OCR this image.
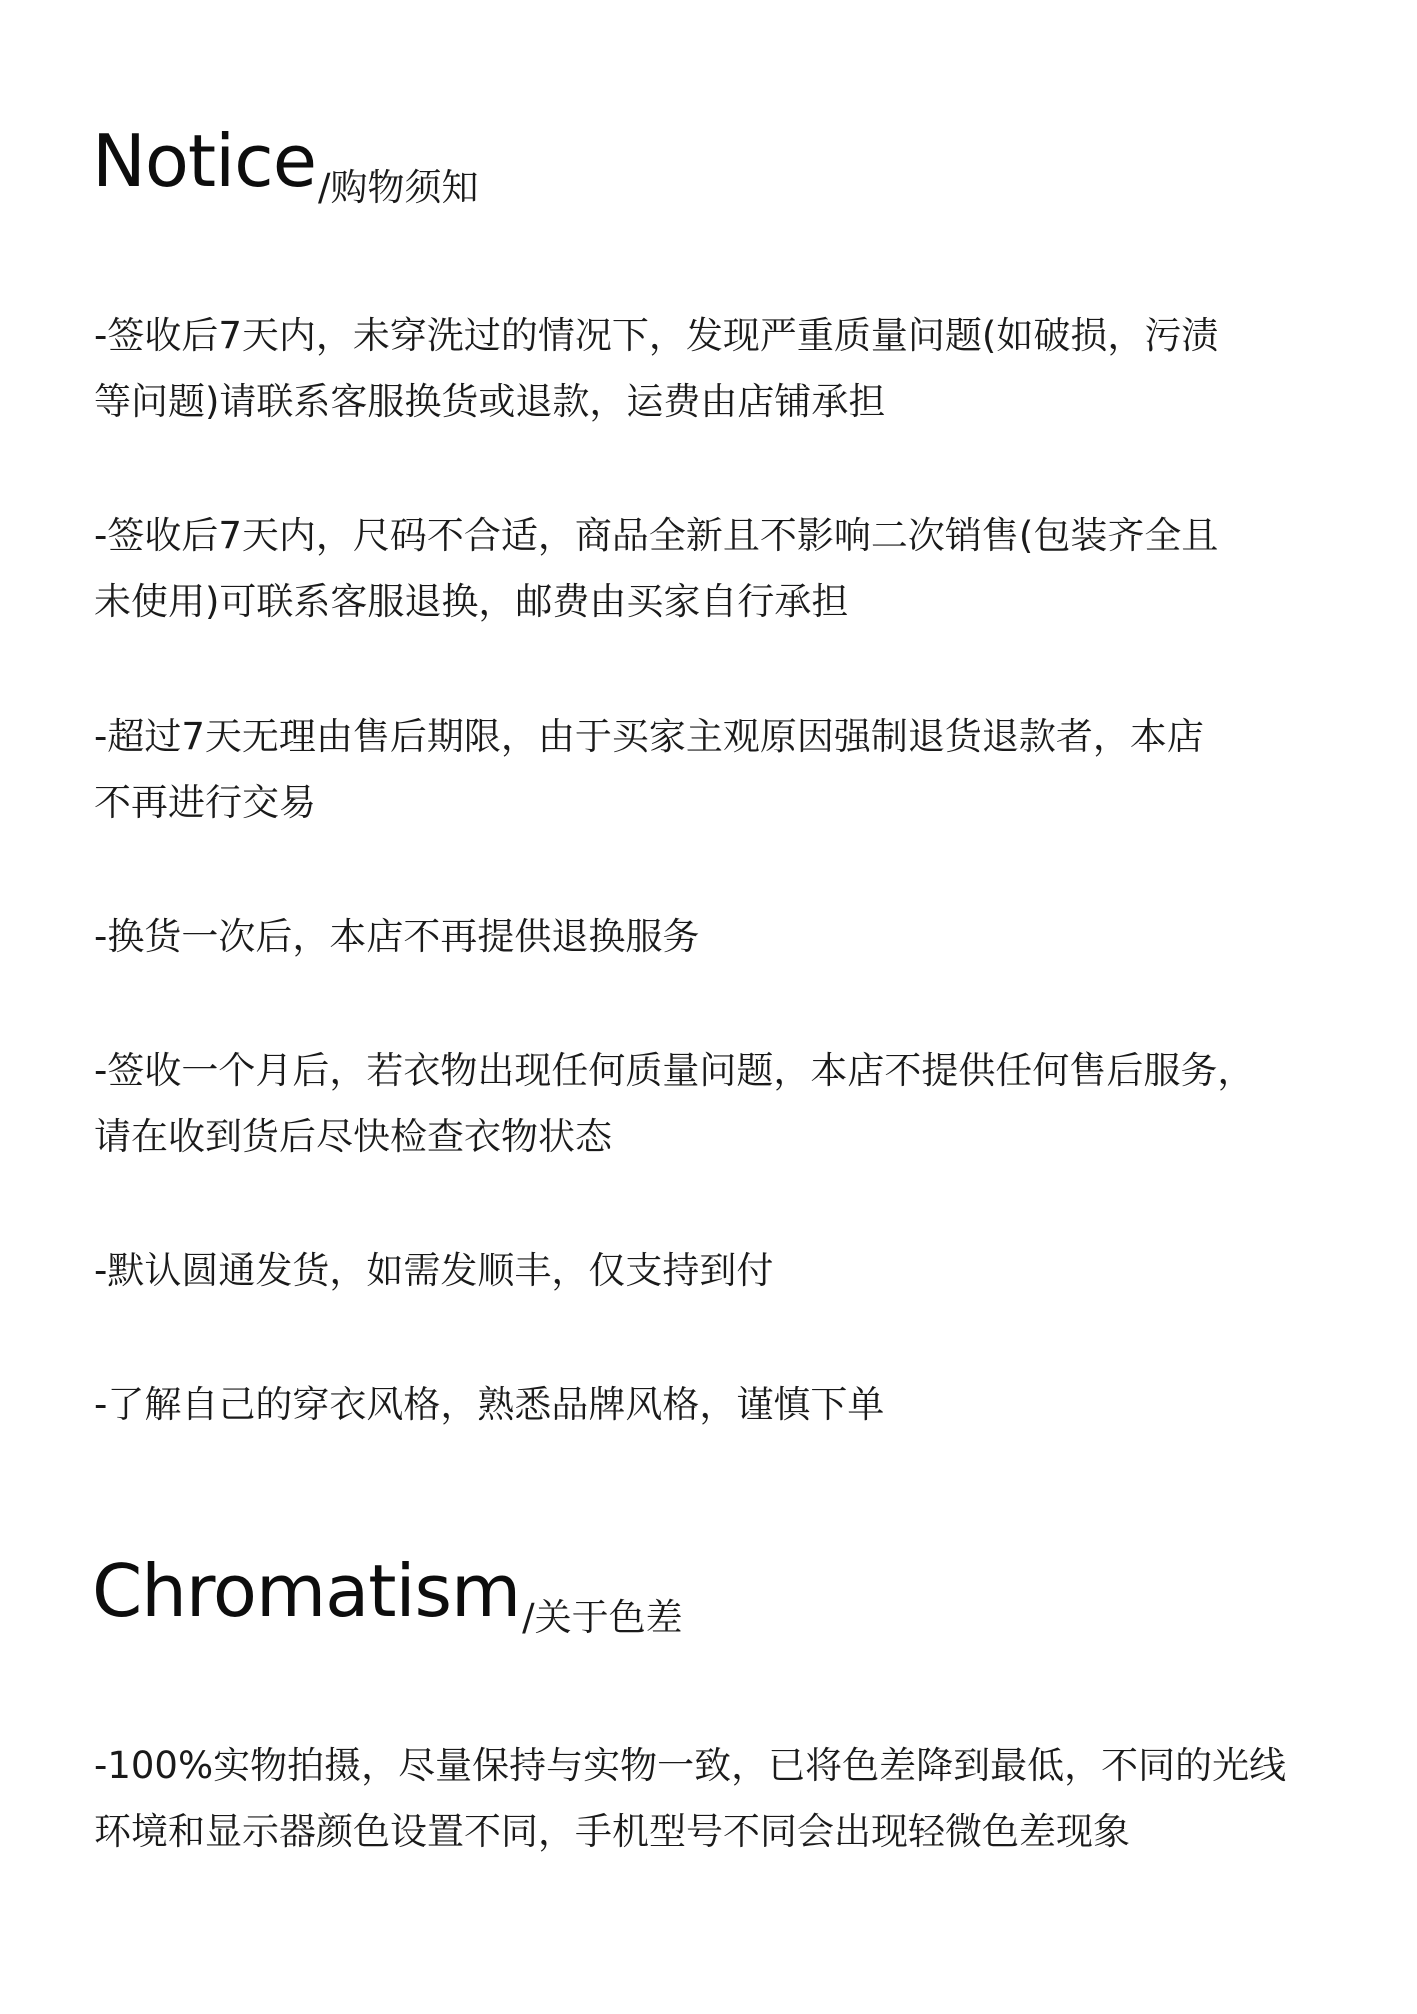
Notice/购物须知

-签收后7天内，未穿洗过的情况下，发现严重质量问题(如破损，污渍
等问题)请联系客服换货或退款，运费由店铺承担

-签收后7天内，尺码不合适，商品全新且不影响二次销售(包装齐全且
未使用)可联系客服退换，邮费由买家自行承担

-超过7天无理由售后期限，由于买家主观原因强制退货退款者，本店
不再进行交易

-换货一次后，本店不再提供退换服务

-签收一个月后，若衣物出现任何质量问题，本店不提供任何售后服务，
请在收到货后尽快检查衣物状态

-默认圆通发货，如需发顺丰，仅支持到付

-了解自己的穿衣风格，熟悉品牌风格，谨慎下单

Chromatism/关于色差

-100%实物拍摄，尽量保持与实物一致，已将色差降到最低，不同的光线
环境和显示器颜色设置不同，手机型号不同会出现轻微色差现象
